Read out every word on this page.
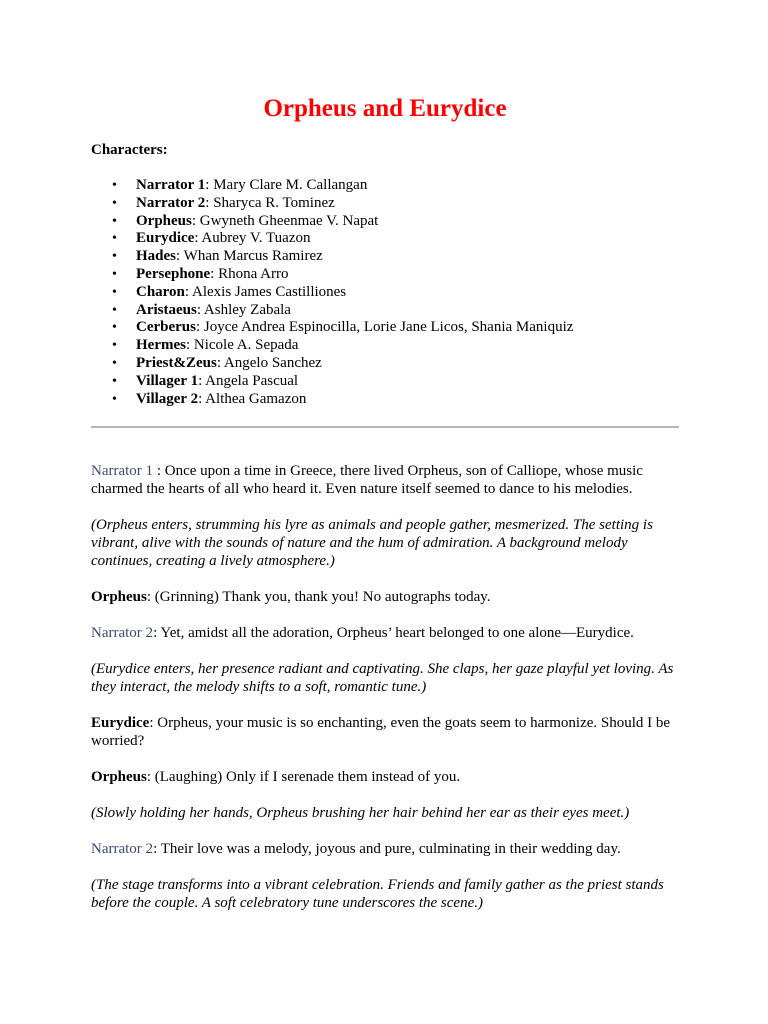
Orpheus and Eurydice

Characters:

• Narrator 1: Mary Clare M. Callangan
• Narrator 2: Sharyca R. Tominez
• Orpheus: Gwyneth Gheenmae V. Napat
• Eurydice: Aubrey V. Tuazon
• Hades: Whan Marcus Ramirez
• Persephone: Rhona Arro
• Charon: Alexis James Castilliones
• Aristaeus: Ashley Zabala
• Cerberus: Joyce Andrea Espinocilla, Lorie Jane Licos, Shania Maniquiz
• Hermes: Nicole A. Sepada
• Priest&Zeus: Angelo Sanchez
• Villager 1: Angela Pascual
• Villager 2: Althea Gamazon

Narrator 1 : Once upon a time in Greece, there lived Orpheus, son of Calliope, whose music charmed the hearts of all who heard it. Even nature itself seemed to dance to his melodies.

(Orpheus enters, strumming his lyre as animals and people gather, mesmerized. The setting is vibrant, alive with the sounds of nature and the hum of admiration. A background melody continues, creating a lively atmosphere.)

Orpheus: (Grinning) Thank you, thank you! No autographs today.

Narrator 2: Yet, amidst all the adoration, Orpheus’ heart belonged to one alone—Eurydice.

(Eurydice enters, her presence radiant and captivating. She claps, her gaze playful yet loving. As they interact, the melody shifts to a soft, romantic tune.)

Eurydice: Orpheus, your music is so enchanting, even the goats seem to harmonize. Should I be worried?

Orpheus: (Laughing) Only if I serenade them instead of you.

(Slowly holding her hands, Orpheus brushing her hair behind her ear as their eyes meet.)

Narrator 2: Their love was a melody, joyous and pure, culminating in their wedding day.

(The stage transforms into a vibrant celebration. Friends and family gather as the priest stands before the couple. A soft celebratory tune underscores the scene.)
